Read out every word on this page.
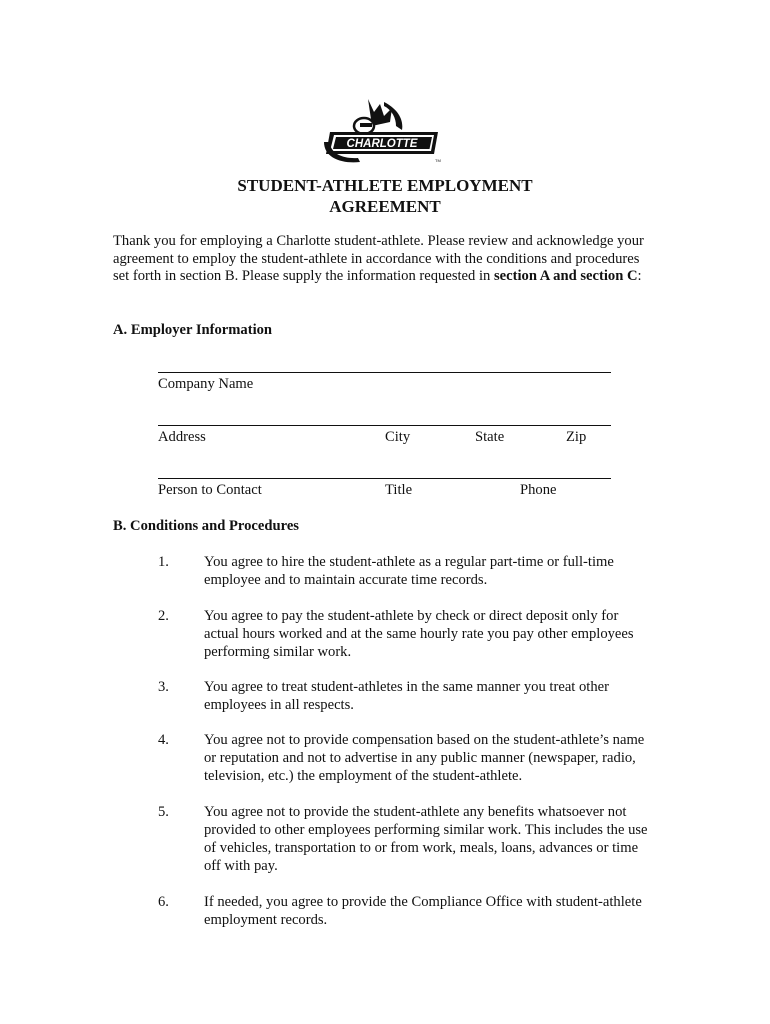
CHARLOTTE
TM
STUDENT-ATHLETE EMPLOYMENT
AGREEMENT

Thank you for employing a Charlotte student-athlete. Please review and acknowledge your agreement to employ the student-athlete in accordance with the conditions and procedures set forth in section B. Please supply the information requested in section A and section C:

A. Employer Information
Company Name
Address	City	State	Zip
Person to Contact	Title	Phone
B. Conditions and Procedures
1. You agree to hire the student-athlete as a regular part-time or full-time employee and to maintain accurate time records.

2. You agree to pay the student-athlete by check or direct deposit only for actual hours worked and at the same hourly rate you pay other employees performing similar work.

3. You agree to treat student-athletes in the same manner you treat other employees in all respects.

4. You agree not to provide compensation based on the student-athlete’s name or reputation and not to advertise in any public manner (newspaper, radio, television, etc.) the employment of the student-athlete.

5. You agree not to provide the student-athlete any benefits whatsoever not provided to other employees performing similar work. This includes the use of vehicles, transportation to or from work, meals, loans, advances or time off with pay.

6. If needed, you agree to provide the Compliance Office with student-athlete employment records.
